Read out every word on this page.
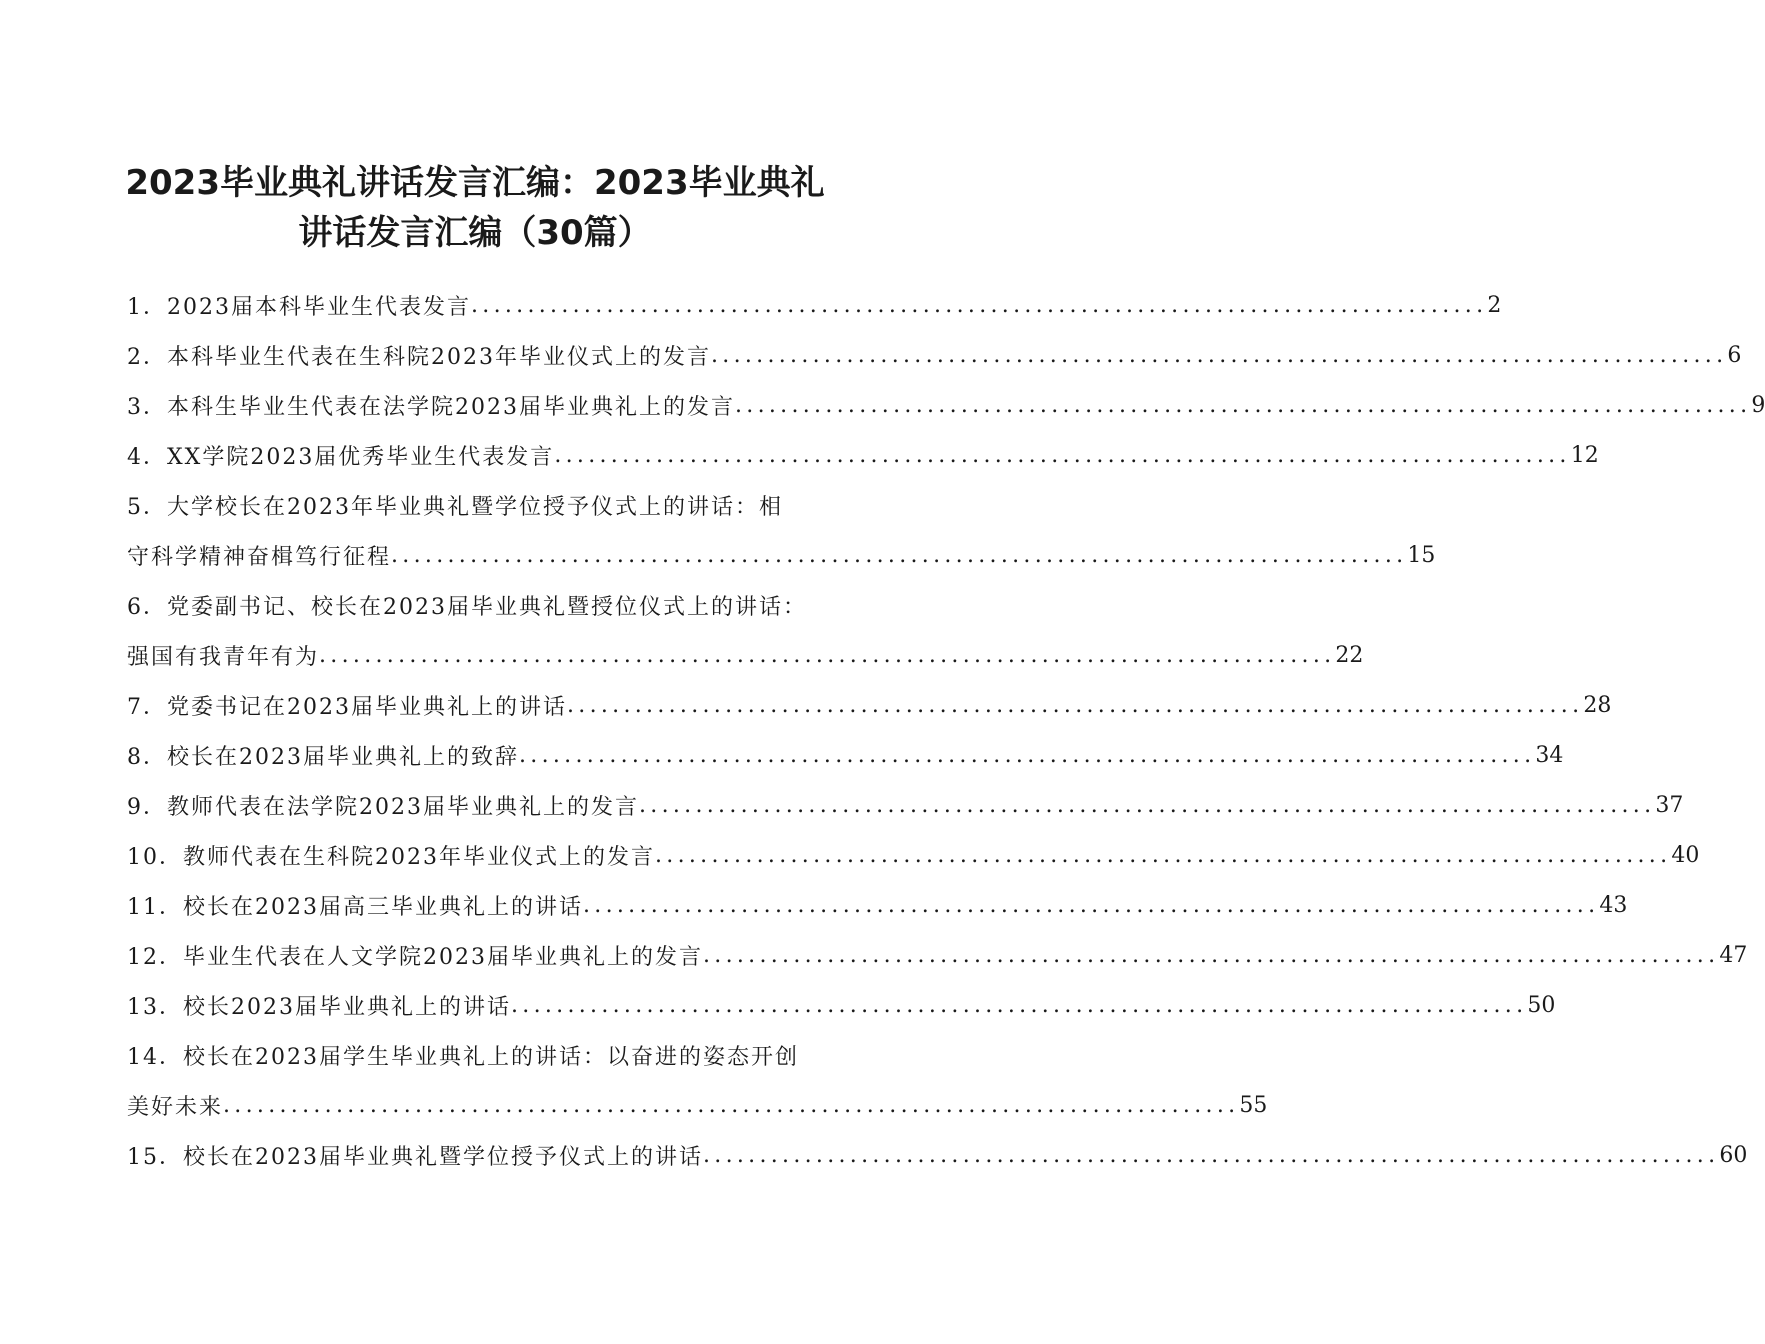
2023毕业典礼讲话发言汇编：2023毕业典礼
讲话发言汇编（30篇）
1．2023届本科毕业生代表发言 .......................................................................................... 2
2．本科毕业生代表在生科院2023年毕业仪式上的发言 .......................................................................................... 6
3．本科生毕业生代表在法学院2023届毕业典礼上的发言 .......................................................................................... 9
4．XX学院2023届优秀毕业生代表发言 .......................................................................................... 12
5．大学校长在2023年毕业典礼暨学位授予仪式上的讲话：相
守科学精神奋楫笃行征程 .......................................................................................... 15
6．党委副书记、校长在2023届毕业典礼暨授位仪式上的讲话：
强国有我青年有为 .......................................................................................... 22
7．党委书记在2023届毕业典礼上的讲话 .......................................................................................... 28
8．校长在2023届毕业典礼上的致辞 .......................................................................................... 34
9．教师代表在法学院2023届毕业典礼上的发言 .......................................................................................... 37
10．教师代表在生科院2023年毕业仪式上的发言 .......................................................................................... 40
11．校长在2023届高三毕业典礼上的讲话 .......................................................................................... 43
12．毕业生代表在人文学院2023届毕业典礼上的发言 .......................................................................................... 47
13．校长2023届毕业典礼上的讲话 .......................................................................................... 50
14．校长在2023届学生毕业典礼上的讲话：以奋进的姿态开创
美好未来 .......................................................................................... 55
15．校长在2023届毕业典礼暨学位授予仪式上的讲话 .......................................................................................... 60
